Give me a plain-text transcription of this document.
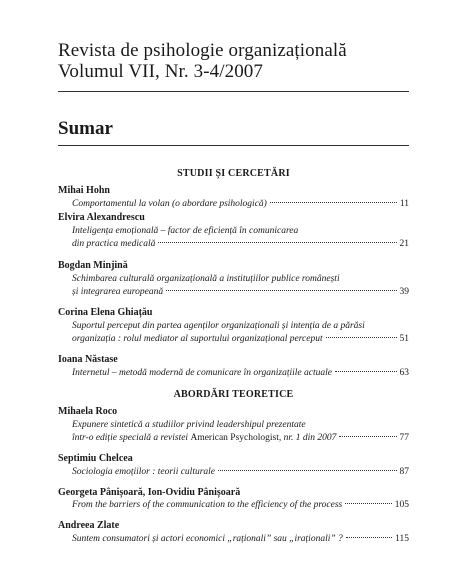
Revista de psihologie organizațională
Volumul VII, Nr. 3-4/2007
Sumar
STUDII ȘI CERCETĂRI
Mihai Hohn
Comportamentul la volan (o abordare psihologică)	11
Elvira Alexandrescu
Inteligența emoțională – factor de eficiență în comunicarea
din practica medicală	21
Bogdan Minjină
Schimbarea culturală organizațională a instituțiilor publice românești
și integrarea europeană	39
Corina Elena Ghiațău
Suportul perceput din partea agenților organizaționali și intenția de a părăsi
organizația : rolul mediator al suportului organizațional perceput	51
Ioana Năstase
Internetul – metodă modernă de comunicare în organizațiile actuale	63
ABORDĂRI TEORETICE
Mihaela Roco
Expunere sintetică a studiilor privind leadershipul prezentate
într-o ediție specială a revistei American Psychologist, nr. 1 din 2007	77
Septimiu Chelcea
Sociologia emoțiilor : teorii culturale	87
Georgeta Pânișoară, Ion-Ovidiu Pânișoară
From the barriers of the communication to the efficiency of the process	105
Andreea Zlate
Suntem consumatori și actori economici „raționali” sau „iraționali” ?	115
